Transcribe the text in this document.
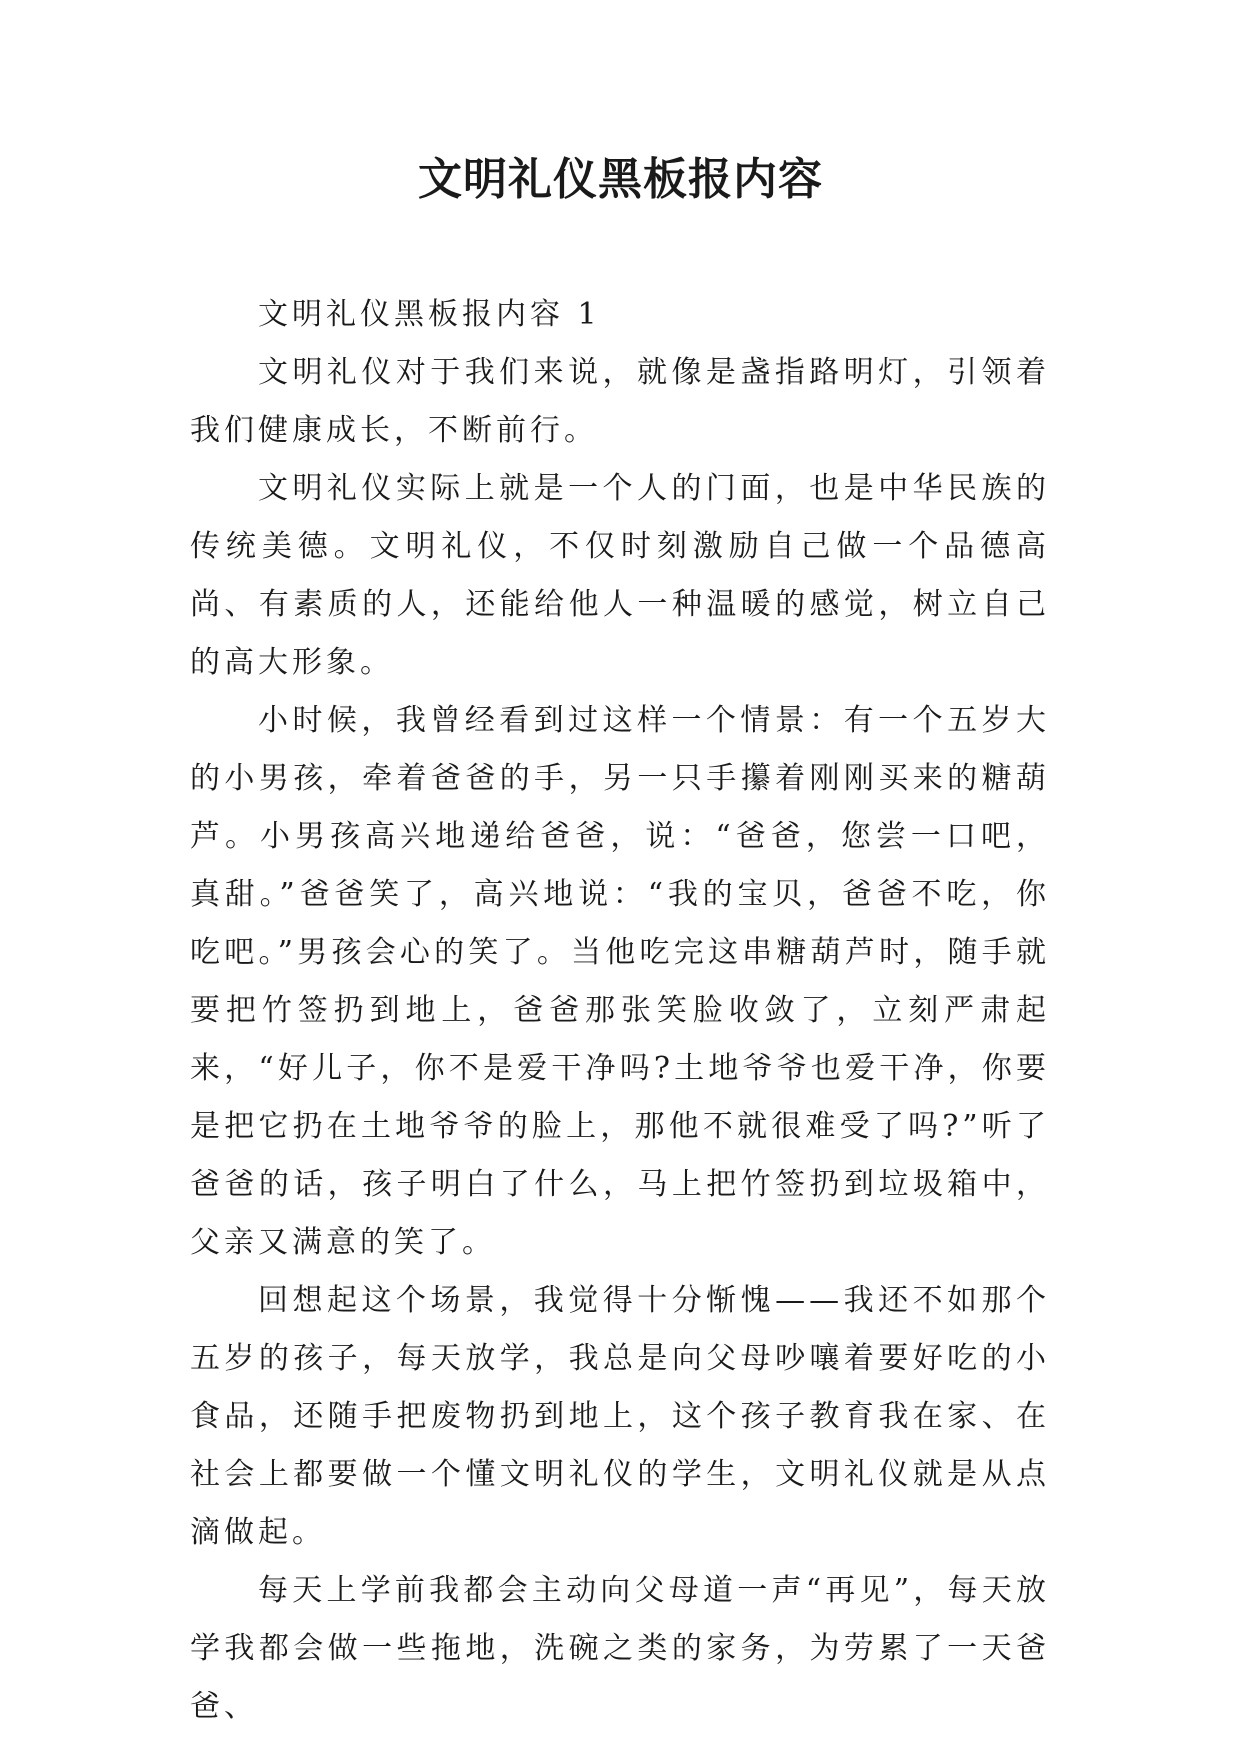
文明礼仪黑板报内容

文明礼仪黑板报内容 1

文明礼仪对于我们来说，就像是盏指路明灯，引领着我们健康成长，不断前行。

文明礼仪实际上就是一个人的门面，也是中华民族的传统美德。文明礼仪，不仅时刻激励自己做一个品德高尚、有素质的人，还能给他人一种温暖的感觉，树立自己的高大形象。

小时候，我曾经看到过这样一个情景：有一个五岁大的小男孩，牵着爸爸的手，另一只手攥着刚刚买来的糖葫芦。小男孩高兴地递给爸爸，说：“爸爸，您尝一口吧，真甜。”爸爸笑了，高兴地说：“我的宝贝，爸爸不吃，你吃吧。”男孩会心的笑了。当他吃完这串糖葫芦时，随手就要把竹签扔到地上，爸爸那张笑脸收敛了，立刻严肃起来，“好儿子，你不是爱干净吗?土地爷爷也爱干净，你要是把它扔在土地爷爷的脸上，那他不就很难受了吗?”听了爸爸的话，孩子明白了什么，马上把竹签扔到垃圾箱中，父亲又满意的笑了。

回想起这个场景，我觉得十分惭愧——我还不如那个五岁的孩子，每天放学，我总是向父母吵嚷着要好吃的小食品，还随手把废物扔到地上，这个孩子教育我在家、在社会上都要做一个懂文明礼仪的学生，文明礼仪就是从点滴做起。

每天上学前我都会主动向父母道一声“再见”，每天放学我都会做一些拖地，洗碗之类的家务，为劳累了一天爸爸、
